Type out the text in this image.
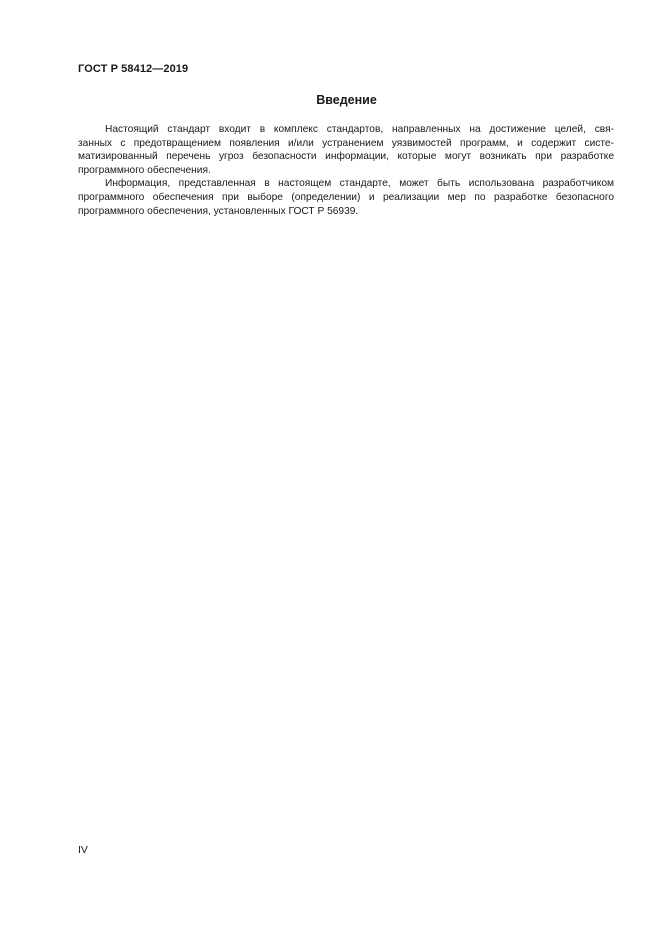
ГОСТ Р 58412—2019
Введение
Настоящий стандарт входит в комплекс стандартов, направленных на достижение целей, свя-
занных с предотвращением появления и/или устранением уязвимостей программ, и содержит систе-
матизированный перечень угроз безопасности информации, которые могут возникать при разработке
программного обеспечения.
Информация, представленная в настоящем стандарте, может быть использована разработчиком
программного обеспечения при выборе (определении) и реализации мер по разработке безопасного
программного обеспечения, установленных ГОСТ Р 56939.
IV
